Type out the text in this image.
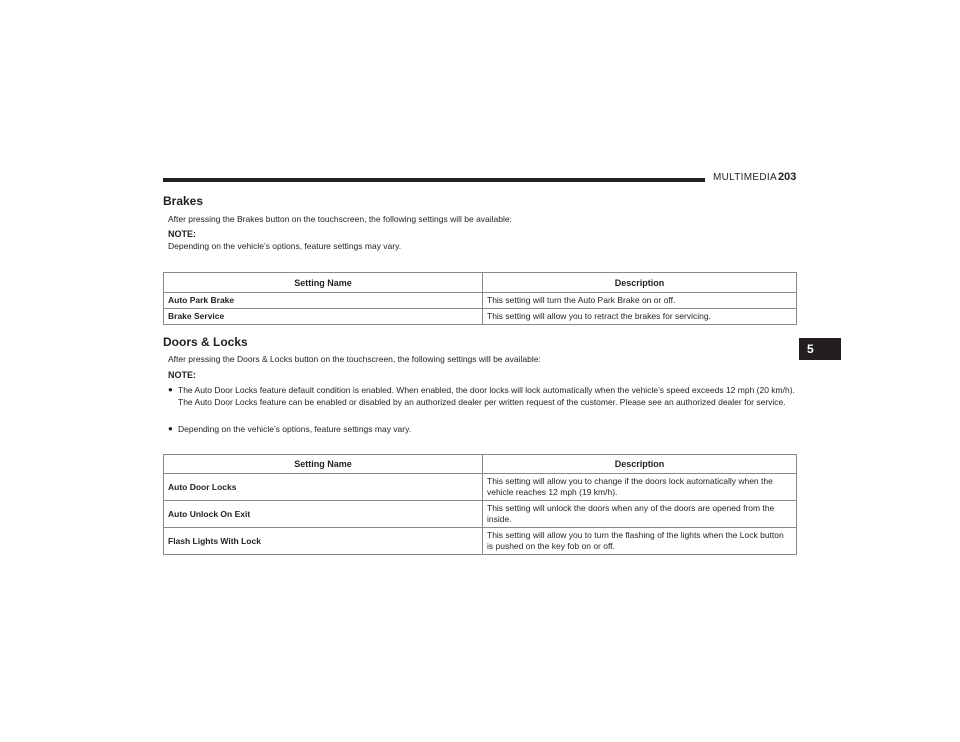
MULTIMEDIA 203
5
Brakes
After pressing the Brakes button on the touchscreen, the following settings will be available:
NOTE:
Depending on the vehicle’s options, feature settings may vary.
Setting Name	Description
Auto Park Brake	This setting will turn the Auto Park Brake on or off.
Brake Service	This setting will allow you to retract the brakes for servicing.
Doors & Locks
After pressing the Doors & Locks button on the touchscreen, the following settings will be available:
NOTE:
● The Auto Door Locks feature default condition is enabled. When enabled, the door locks will lock automatically when the vehicle’s speed exceeds 12 mph (20 km/h). The Auto Door Locks feature can be enabled or disabled by an authorized dealer per written request of the customer. Please see an authorized dealer for service.
● Depending on the vehicle’s options, feature settings may vary.
Setting Name	Description
Auto Door Locks	This setting will allow you to change if the doors lock automatically when the vehicle reaches 12 mph (19 km/h).
Auto Unlock On Exit	This setting will unlock the doors when any of the doors are opened from the inside.
Flash Lights With Lock	This setting will allow you to turn the flashing of the lights when the Lock button is pushed on the key fob on or off.
